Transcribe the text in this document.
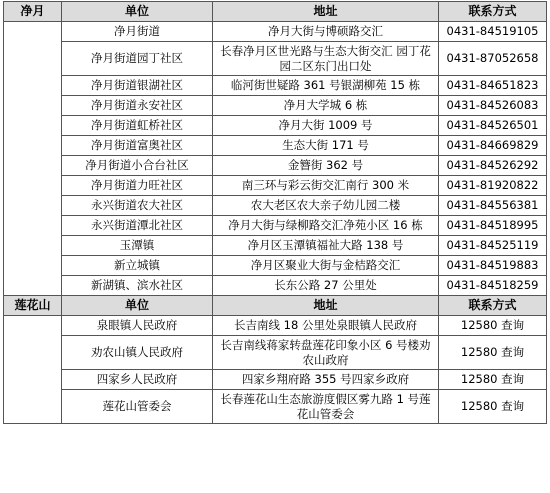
净月	单位	地址	联系方式
	净月街道	净月大街与博硕路交汇	0431-84519105
	净月街道园丁社区	长春净月区世光路与生态大街交汇 园丁花园二区东门出口处	0431-87052658
	净月街道银湖社区	临河街世疑路 361 号银湖柳苑 15 栋	0431-84651823
	净月街道永安社区	净月大学城 6 栋	0431-84526083
	净月街道虹桥社区	净月大街 1009 号	0431-84526501
	净月街道富奥社区	生态大街 171 号	0431-84669829
	净月街道小合台社区	金簪街 362 号	0431-84526292
	净月街道力旺社区	南三环与彩云街交汇南行 300 米	0431-81920822
	永兴街道农大社区	农大老区农大亲子幼儿园二楼	0431-84556381
	永兴街道潭北社区	净月大街与绿柳路交汇净苑小区 16 栋	0431-84518995
	玉潭镇	净月区玉潭镇福祉大路 138 号	0431-84525119
	新立城镇	净月区聚业大街与金桔路交汇	0431-84519883
	新湖镇、滨水社区	长东公路 27 公里处	0431-84518259
莲花山	单位	地址	联系方式
	泉眼镇人民政府	长吉南线 18 公里处泉眼镇人民政府	12580 查询
	劝农山镇人民政府	长吉南线蒋家转盘莲花印象小区 6 号楼劝农山政府	12580 查询
	四家乡人民政府	四家乡翔府路 355 号四家乡政府	12580 查询
	莲花山管委会	长春莲花山生态旅游度假区雾九路 1 号莲花山管委会	12580 查询
